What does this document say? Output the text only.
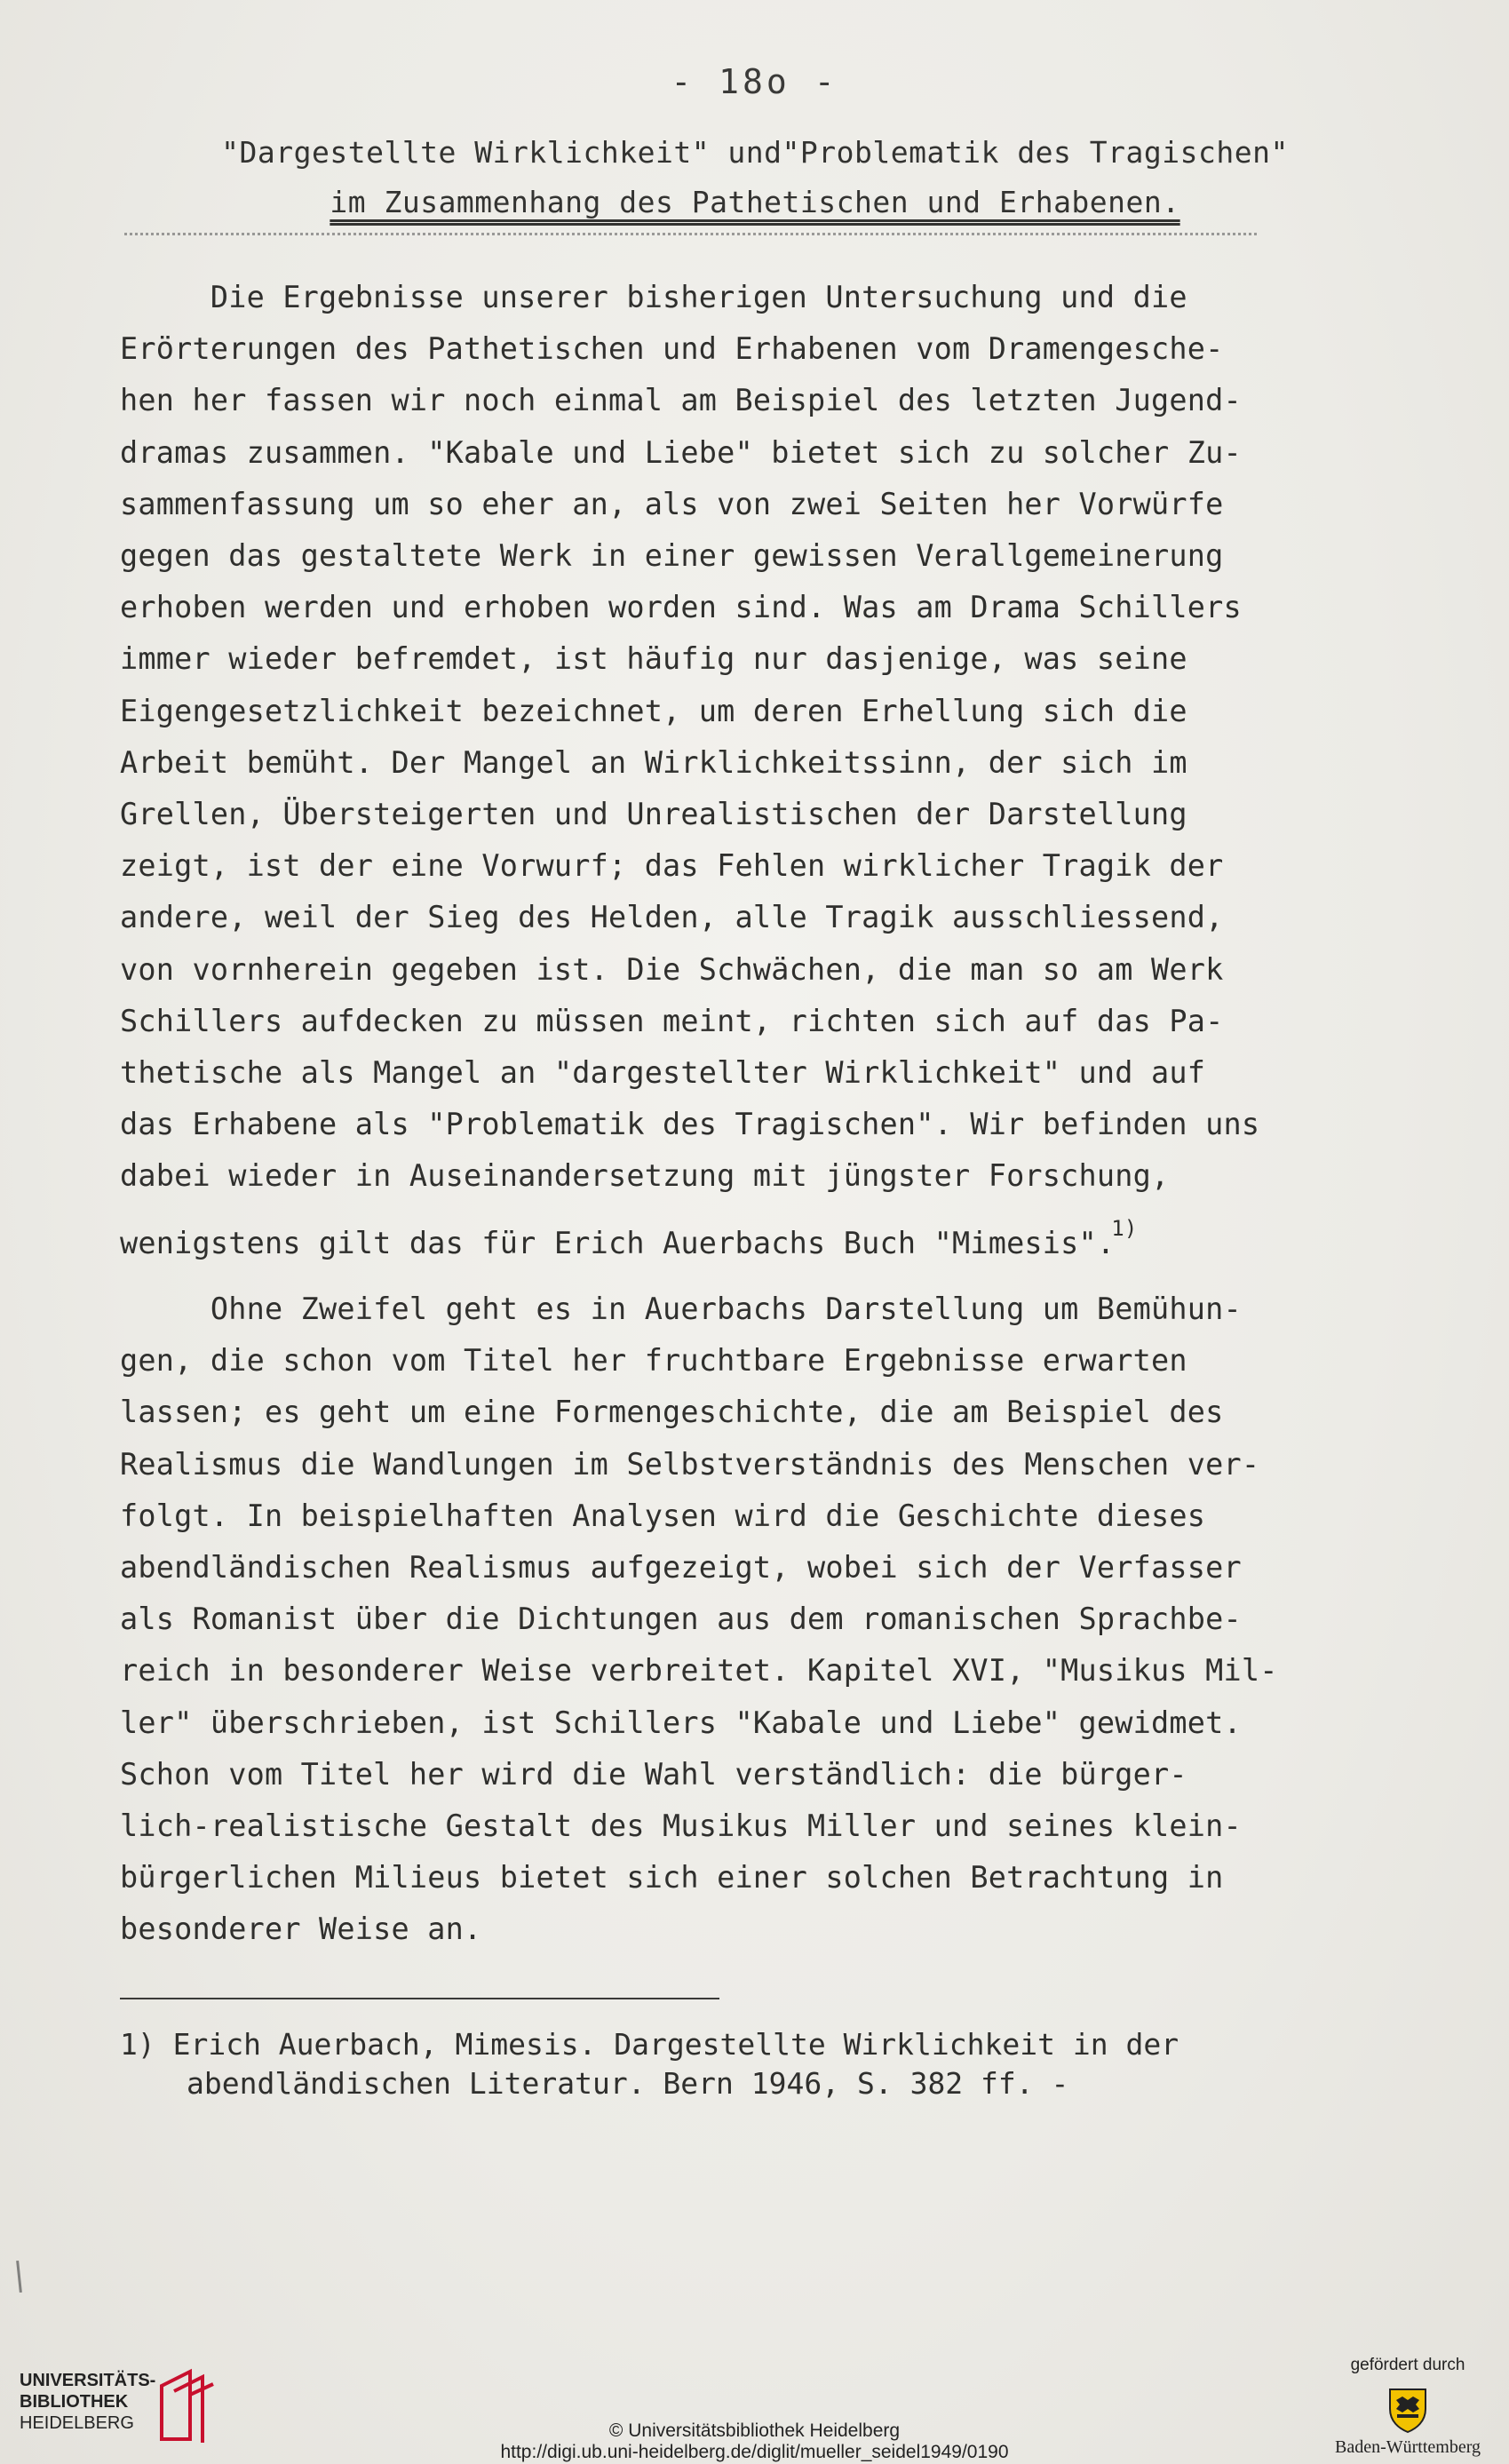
- 18o -
"Dargestellte Wirklichkeit" und"Problematik des Tragischen"
im Zusammenhang des Pathetischen und Erhabenen.
Die Ergebnisse unserer bisherigen Untersuchung und die
Erörterungen des Pathetischen und Erhabenen vom Dramengesche-
hen her fassen wir noch einmal am Beispiel des letzten Jugend-
dramas zusammen. "Kabale und Liebe" bietet sich zu solcher Zu-
sammenfassung um so eher an, als von zwei Seiten her Vorwürfe
gegen das gestaltete Werk in einer gewissen Verallgemeinerung
erhoben werden und erhoben worden sind. Was am Drama Schillers
immer wieder befremdet, ist häufig nur dasjenige, was seine
Eigengesetzlichkeit bezeichnet, um deren Erhellung sich die
Arbeit bemüht. Der Mangel an Wirklichkeitssinn, der sich im
Grellen, Übersteigerten und Unrealistischen der Darstellung
zeigt, ist der eine Vorwurf; das Fehlen wirklicher Tragik der
andere, weil der Sieg des Helden, alle Tragik ausschliessend,
von vornherein gegeben ist. Die Schwächen, die man so am Werk
Schillers aufdecken zu müssen meint, richten sich auf das Pa-
thetische als Mangel an "dargestellter Wirklichkeit" und auf
das Erhabene als "Problematik des Tragischen". Wir befinden uns
dabei wieder in Auseinandersetzung mit jüngster Forschung,
wenigstens gilt das für Erich Auerbachs Buch "Mimesis".$^{1)}$
Ohne Zweifel geht es in Auerbachs Darstellung um Bemühun-
gen, die schon vom Titel her fruchtbare Ergebnisse erwarten
lassen; es geht um eine Formengeschichte, die am Beispiel des
Realismus die Wandlungen im Selbstverständnis des Menschen ver-
folgt. In beispielhaften Analysen wird die Geschichte dieses
abendländischen Realismus aufgezeigt, wobei sich der Verfasser
als Romanist über die Dichtungen aus dem romanischen Sprachbe-
reich in besonderer Weise verbreitet. Kapitel XVI, "Musikus Mil-
ler" überschrieben, ist Schillers "Kabale und Liebe" gewidmet.
Schon vom Titel her wird die Wahl verständlich: die bürger-
lich-realistische Gestalt des Musikus Miller und seines klein-
bürgerlichen Milieus bietet sich einer solchen Betrachtung in
besonderer Weise an.
1) Erich Auerbach, Mimesis. Dargestellte Wirklichkeit in der
abendländischen Literatur. Bern 1946, S. 382 ff. -
UNIVERSITÄTS-
BIBLIOTHEK
HEIDELBERG	© Universitätsbibliothek Heidelberg
http://digi.ub.uni-heidelberg.de/diglit/mueller_seidel1949/0190
gefördert durch
Baden-Württemberg
